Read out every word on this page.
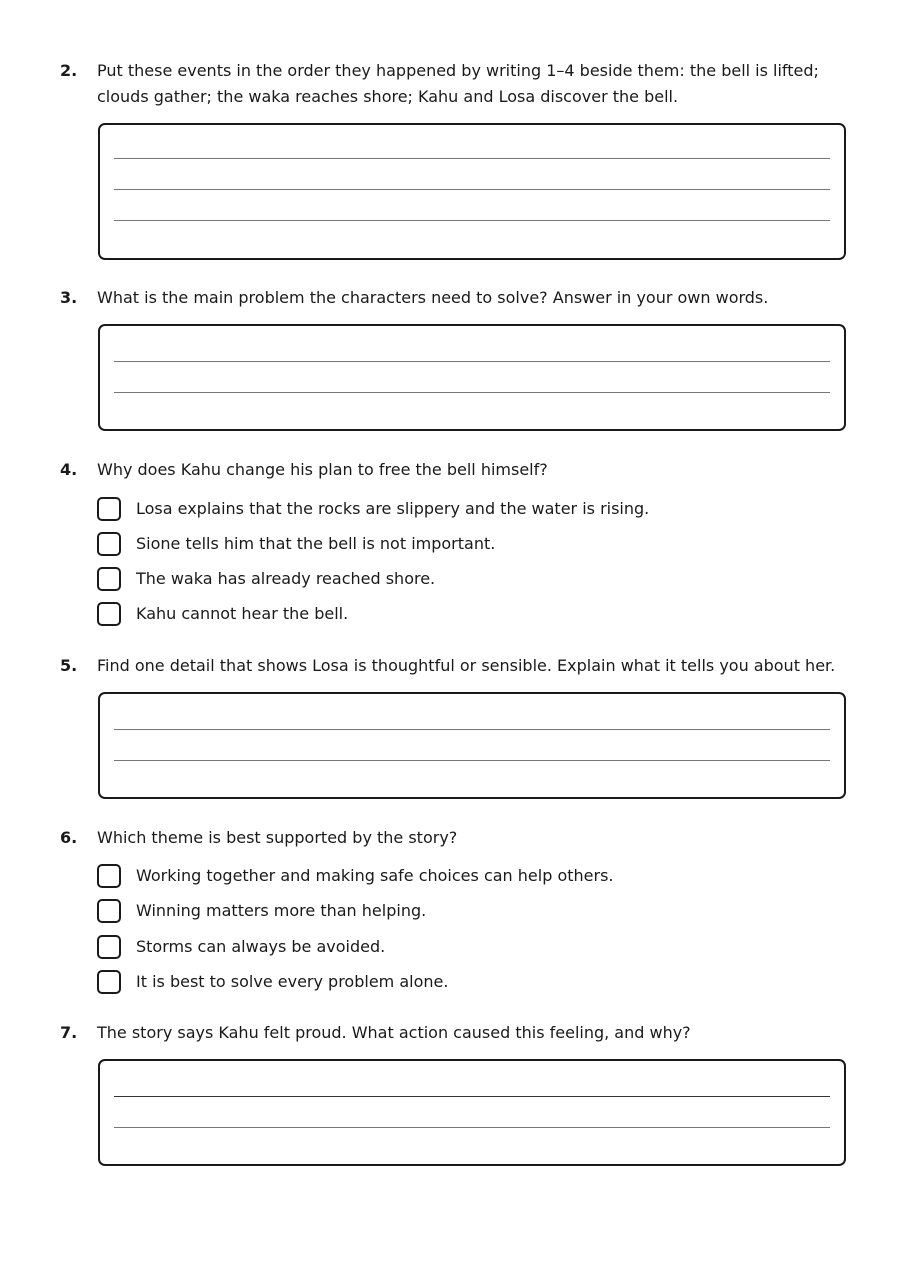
2. Put these events in the order they happened by writing 1–4 beside them: the bell is lifted; clouds gather; the waka reaches shore; Kahu and Losa discover the bell.
3. What is the main problem the characters need to solve? Answer in your own words.
4. Why does Kahu change his plan to free the bell himself?
Losa explains that the rocks are slippery and the water is rising.
Sione tells him that the bell is not important.
The waka has already reached shore.
Kahu cannot hear the bell.
5. Find one detail that shows Losa is thoughtful or sensible. Explain what it tells you about her.
6. Which theme is best supported by the story?
Working together and making safe choices can help others.
Winning matters more than helping.
Storms can always be avoided.
It is best to solve every problem alone.
7. The story says Kahu felt proud. What action caused this feeling, and why?
